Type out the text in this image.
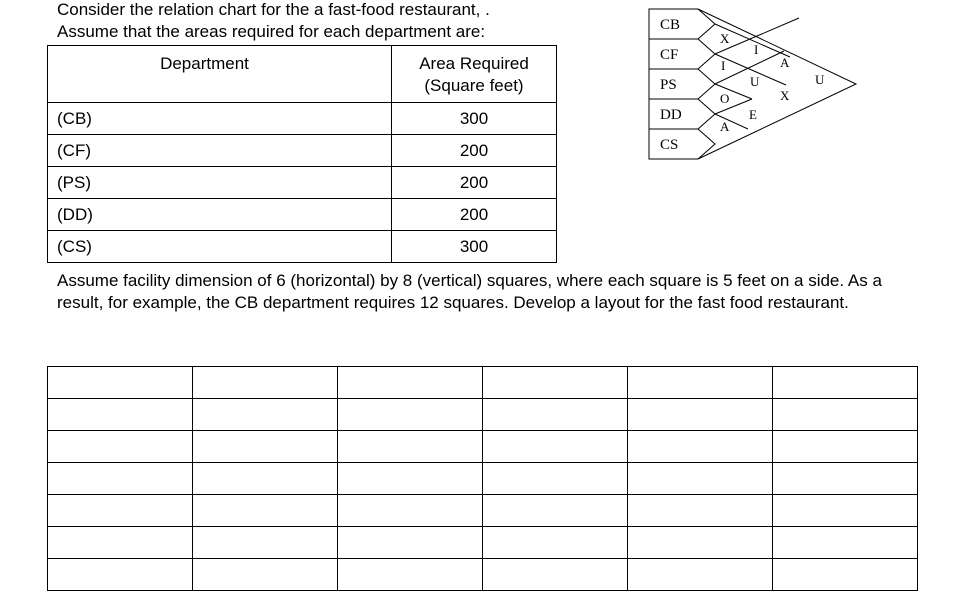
Consider the relation chart for the a fast-food restaurant, .
Assume that the areas required for each department are:
Department	Area Required
(Square feet)
(CB)	300
(CF)	200
(PS)	200
(DD)	200
(CS)	300
Assume facility dimension of 6 (horizontal) by 8 (vertical) squares, where each square is 5 feet on a side. As a result, for example, the CB department requires 12 squares. Develop a layout for the fast food restaurant.
CB
CF
PS
DD
CS
X
I
O
A
I
U
E
A
X
U
